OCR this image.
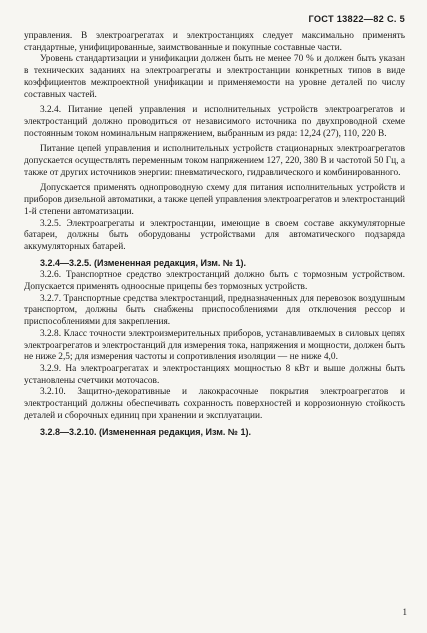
ГОСТ 13822—82 С. 5

управления. В электроагрегатах и электростанциях следует максимально применять стандартные, унифицированные, заимствованные и покупные составные части.

Уровень стандартизации и унификации должен быть не менее 70 % и должен быть указан в технических заданиях на электроагрегаты и электростанции конкретных типов в виде коэффициентов межпроектной унификации и применяемости на уровне деталей по числу составных частей.

3.2.4. Питание цепей управления и исполнительных устройств электроагрегатов и электростанций должно проводиться от независимого источника по двухпроводной схеме постоянным током номинальным напряжением, выбранным из ряда: 12,24 (27), 110, 220 В.

Питание цепей управления и исполнительных устройств стационарных электроагрегатов допускается осуществлять переменным током напряжением 127, 220, 380 В и частотой 50 Гц, а также от других источников энергии: пневматического, гидравлического и комбинированного.

Допускается применять однопроводную схему для питания исполнительных устройств и приборов дизельной автоматики, а также цепей управления электроагрегатов и электростанций 1-й степени автоматизации.

3.2.5. Электроагрегаты и электростанции, имеющие в своем составе аккумуляторные батареи, должны быть оборудованы устройствами для автоматического подзаряда аккумуляторных батарей.

3.2.4—3.2.5. (Измененная редакция, Изм. № 1).

3.2.6. Транспортное средство электростанций должно быть с тормозным устройством. Допускается применять одноосные прицепы без тормозных устройств.

3.2.7. Транспортные средства электростанций, предназначенных для перевозок воздушным транспортом, должны быть снабжены приспособлениями для отключения рессор и приспособлениями для закрепления.

3.2.8. Класс точности электроизмерительных приборов, устанавливаемых в силовых цепях электроагрегатов и электростанций для измерения тока, напряжения и мощности, должен быть не ниже 2,5; для измерения частоты и сопротивления изоляции — не ниже 4,0.

3.2.9. На электроагрегатах и электростанциях мощностью 8 кВт и выше должны быть установлены счетчики моточасов.

3.2.10. Защитно-декоративные и лакокрасочные покрытия электроагрегатов и электростанций должны обеспечивать сохранность поверхностей и коррозионную стойкость деталей и сборочных единиц при хранении и эксплуатации.

3.2.8—3.2.10. (Измененная редакция, Изм. № 1).

1
